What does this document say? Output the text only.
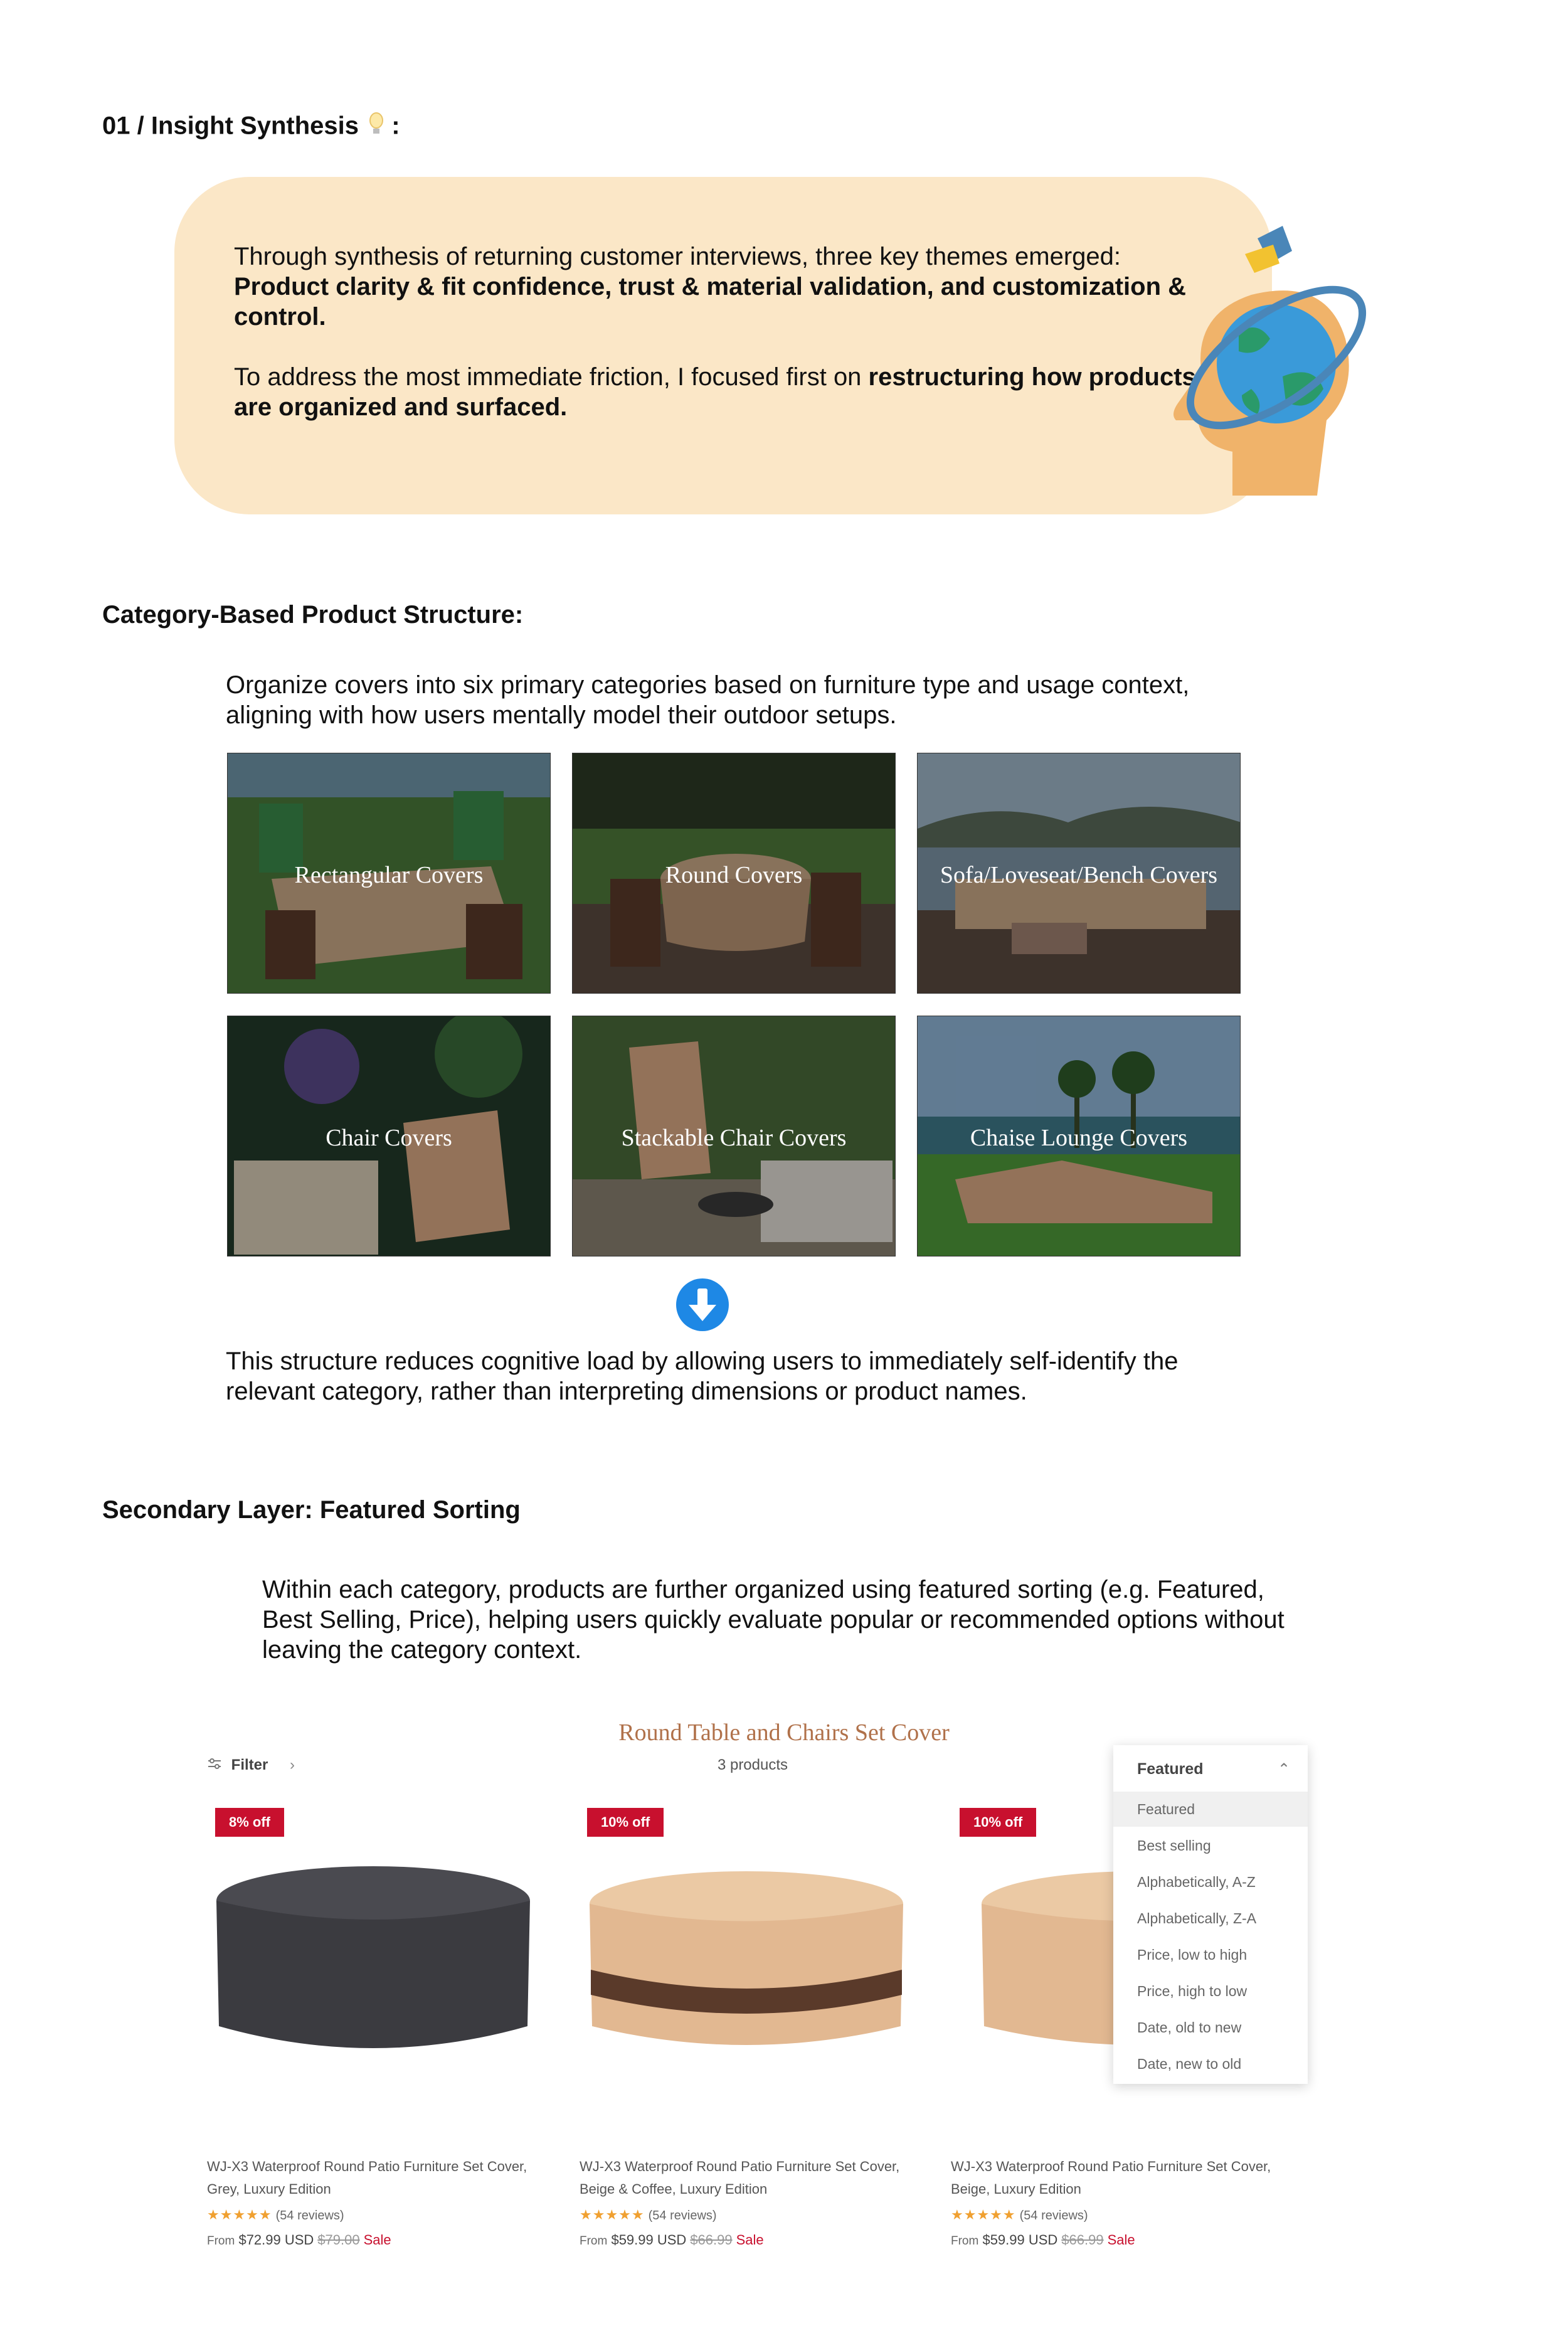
01 / Insight Synthesis :

Through synthesis of returning customer interviews, three key themes emerged: Product clarity & fit confidence, trust & material validation, and customization & control.

To address the most immediate friction, I focused first on restructuring how products are organized and surfaced.

Category-Based Product Structure:
Organize covers into six primary categories based on furniture type and usage context, aligning with how users mentally model their outdoor setups.
Rectangular Covers	Round Covers	Sofa/Loveseat/Bench Covers
Chair Covers	Stackable Chair Covers	Chaise Lounge Covers
This structure reduces cognitive load by allowing users to immediately self-identify the relevant category, rather than interpreting dimensions or product names.
Secondary Layer: Featured Sorting
Within each category, products are further organized using featured sorting (e.g. Featured, Best Selling, Price), helping users quickly evaluate popular or recommended options without leaving the category context.
Round Table and Chairs Set Cover
3 products
Filter ›
8% off
WJ-X3 Waterproof Round Patio Furniture Set Cover, Grey, Luxury Edition
★★★★★ (54 reviews)
From $72.99 USD $79.00 Sale
10% off
WJ-X3 Waterproof Round Patio Furniture Set Cover, Beige & Coffee, Luxury Edition
★★★★★ (54 reviews)
From $59.99 USD $66.99 Sale
10% off
WJ-X3 Waterproof Round Patio Furniture Set Cover, Beige, Luxury Edition
★★★★★ (54 reviews)
From $59.99 USD $66.99 Sale
Featured	⌃
Featured
Best selling
Alphabetically, A-Z
Alphabetically, Z-A
Price, low to high
Price, high to low
Date, old to new
Date, new to old
